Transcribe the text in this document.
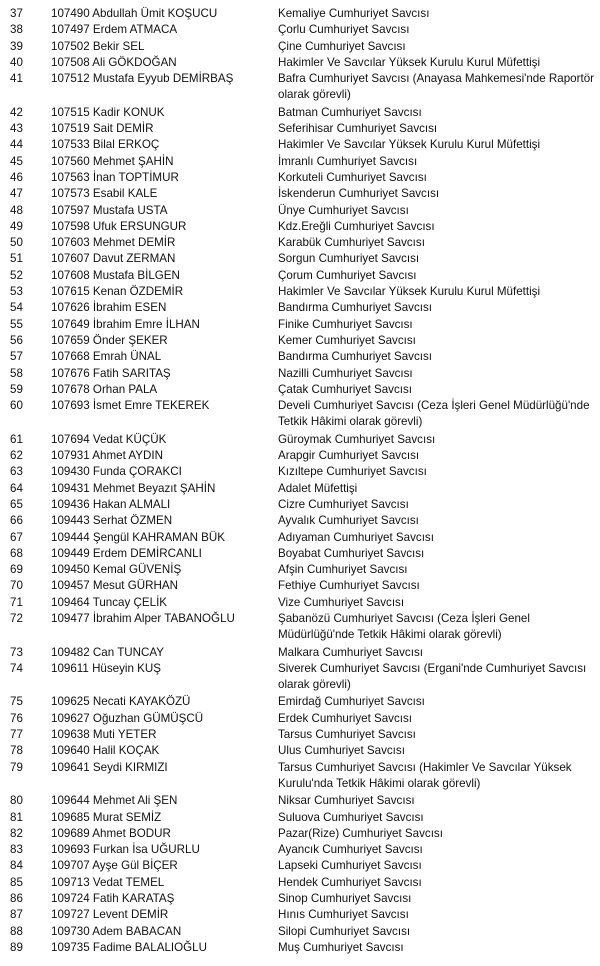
37	107490 Abdullah Ümit KOŞUCU	Kemaliye Cumhuriyet Savcısı
38	107497 Erdem ATMACA	Çorlu Cumhuriyet Savcısı
39	107502 Bekir SEL	Çine Cumhuriyet Savcısı
40	107508 Ali GÖKDOĞAN	Hakimler Ve Savcılar Yüksek Kurulu Kurul Müfettişi
41	107512 Mustafa Eyyub DEMİRBAŞ	Bafra Cumhuriyet Savcısı (Anayasa Mahkemesi'nde Raportör
olarak görevli)
42	107515 Kadir KONUK	Batman Cumhuriyet Savcısı
43	107519 Sait DEMİR	Seferihisar Cumhuriyet Savcısı
44	107533 Bilal ERKOÇ	Hakimler Ve Savcılar Yüksek Kurulu Kurul Müfettişi
45	107560 Mehmet ŞAHİN	İmranlı Cumhuriyet Savcısı
46	107563 İnan TOPTİMUR	Korkuteli Cumhuriyet Savcısı
47	107573 Esabil KALE	İskenderun Cumhuriyet Savcısı
48	107597 Mustafa USTA	Ünye Cumhuriyet Savcısı
49	107598 Ufuk ERSUNGUR	Kdz.Ereğli Cumhuriyet Savcısı
50	107603 Mehmet DEMİR	Karabük Cumhuriyet Savcısı
51	107607 Davut ZERMAN	Sorgun Cumhuriyet Savcısı
52	107608 Mustafa BİLGEN	Çorum Cumhuriyet Savcısı
53	107615 Kenan ÖZDEMİR	Hakimler Ve Savcılar Yüksek Kurulu Kurul Müfettişi
54	107626 İbrahim ESEN	Bandırma Cumhuriyet Savcısı
55	107649 İbrahim Emre İLHAN	Finike Cumhuriyet Savcısı
56	107659 Önder ŞEKER	Kemer Cumhuriyet Savcısı
57	107668 Emrah ÜNAL	Bandırma Cumhuriyet Savcısı
58	107676 Fatih SARITAŞ	Nazilli Cumhuriyet Savcısı
59	107678 Orhan PALA	Çatak Cumhuriyet Savcısı
60	107693 İsmet Emre TEKEREK	Develi Cumhuriyet Savcısı (Ceza İşleri Genel Müdürlüğü'nde
Tetkik Hâkimi olarak görevli)
61	107694 Vedat KÜÇÜK	Güroymak Cumhuriyet Savcısı
62	107931 Ahmet AYDIN	Arapgir Cumhuriyet Savcısı
63	109430 Funda ÇORAKCI	Kızıltepe Cumhuriyet Savcısı
64	109431 Mehmet Beyazıt ŞAHİN	Adalet Müfettişi
65	109436 Hakan ALMALI	Cizre Cumhuriyet Savcısı
66	109443 Serhat ÖZMEN	Ayvalık Cumhuriyet Savcısı
67	109444 Şengül KAHRAMAN BÜK	Adıyaman Cumhuriyet Savcısı
68	109449 Erdem DEMİRCANLI	Boyabat Cumhuriyet Savcısı
69	109450 Kemal GÜVENİŞ	Afşin Cumhuriyet Savcısı
70	109457 Mesut GÜRHAN	Fethiye Cumhuriyet Savcısı
71	109464 Tuncay ÇELİK	Vize Cumhuriyet Savcısı
72	109477 İbrahim Alper TABANOĞLU	Şabanözü Cumhuriyet Savcısı (Ceza İşleri Genel
Müdürlüğü'nde Tetkik Hâkimi olarak görevli)
73	109482 Can TUNCAY	Malkara Cumhuriyet Savcısı
74	109611 Hüseyin KUŞ	Siverek Cumhuriyet Savcısı (Ergani'nde Cumhuriyet Savcısı
olarak görevli)
75	109625 Necati KAYAKÖZÜ	Emirdağ Cumhuriyet Savcısı
76	109627 Oğuzhan GÜMÜŞCÜ	Erdek Cumhuriyet Savcısı
77	109638 Muti YETER	Tarsus Cumhuriyet Savcısı
78	109640 Halil KOÇAK	Ulus Cumhuriyet Savcısı
79	109641 Seydi KIRMIZI	Tarsus Cumhuriyet Savcısı (Hakimler Ve Savcılar Yüksek
Kurulu'nda Tetkik Hâkimi olarak görevli)
80	109644 Mehmet Ali ŞEN	Niksar Cumhuriyet Savcısı
81	109685 Murat SEMİZ	Suluova Cumhuriyet Savcısı
82	109689 Ahmet BODUR	Pazar(Rize) Cumhuriyet Savcısı
83	109693 Furkan İsa UĞURLU	Ayancık Cumhuriyet Savcısı
84	109707 Ayşe Gül BİÇER	Lapseki Cumhuriyet Savcısı
85	109713 Vedat TEMEL	Hendek Cumhuriyet Savcısı
86	109724 Fatih KARATAŞ	Sinop Cumhuriyet Savcısı
87	109727 Levent DEMİR	Hınıs Cumhuriyet Savcısı
88	109730 Adem BABACAN	Silopi Cumhuriyet Savcısı
89	109735 Fadime BALALIOĞLU	Muş Cumhuriyet Savcısı
